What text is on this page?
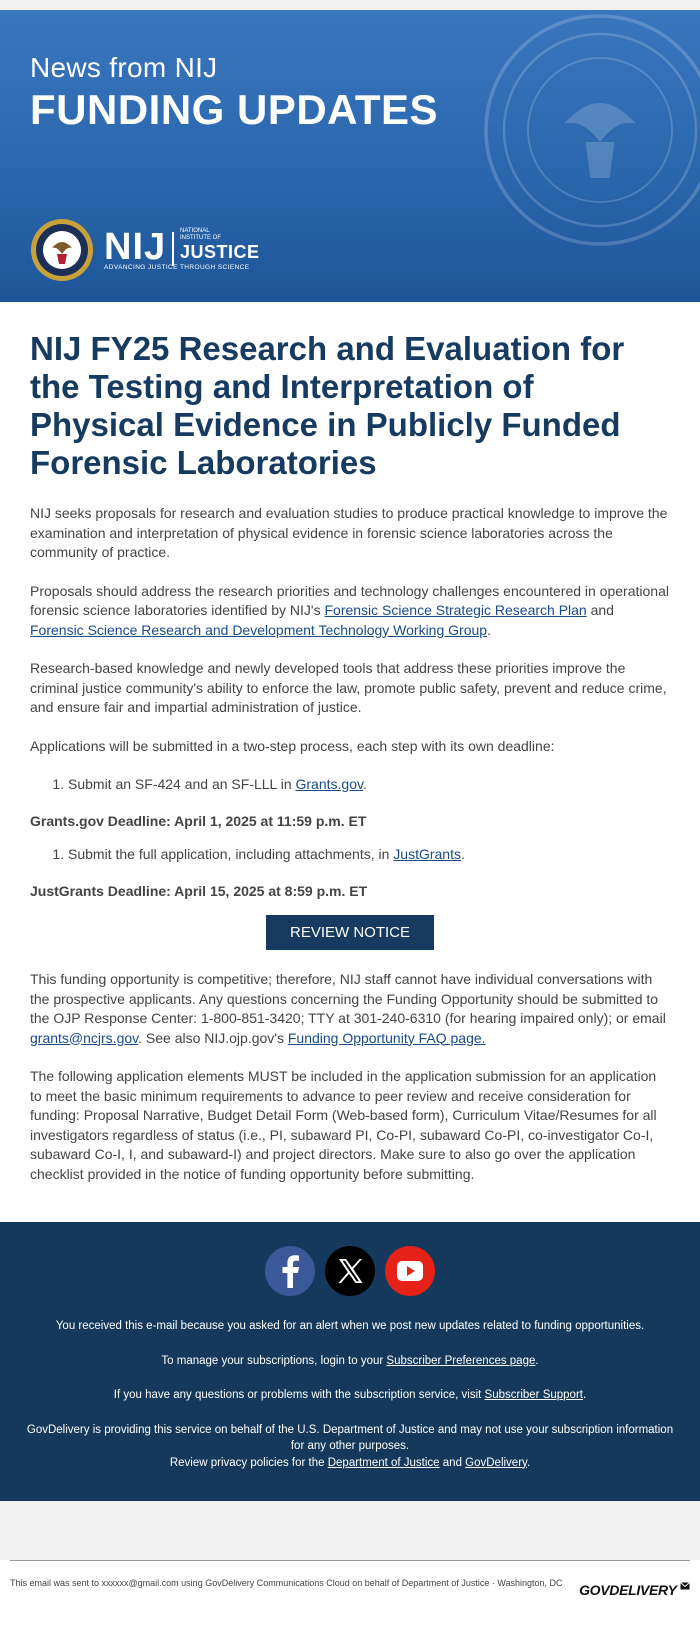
News from NIJ
FUNDING UPDATES
NIJ NATIONAL INSTITUTE OF
JUSTICE
ADVANCING JUSTICE THROUGH SCIENCE
NIJ FY25 Research and Evaluation for the Testing and Interpretation of Physical Evidence in Publicly Funded Forensic Laboratories

NIJ seeks proposals for research and evaluation studies to produce practical knowledge to improve the examination and interpretation of physical evidence in forensic science laboratories across the community of practice.

Proposals should address the research priorities and technology challenges encountered in operational forensic science laboratories identified by NIJ's Forensic Science Strategic Research Plan and Forensic Science Research and Development Technology Working Group.

Research-based knowledge and newly developed tools that address these priorities improve the criminal justice community's ability to enforce the law, promote public safety, prevent and reduce crime, and ensure fair and impartial administration of justice.

Applications will be submitted in a two-step process, each step with its own deadline:

1. Submit an SF-424 and an SF-LLL in Grants.gov.
Grants.gov Deadline: April 1, 2025 at 11:59 p.m. ET
1. Submit the full application, including attachments, in JustGrants.
JustGrants Deadline: April 15, 2025 at 8:59 p.m. ET
REVIEW NOTICE

This funding opportunity is competitive; therefore, NIJ staff cannot have individual conversations with the prospective applicants. Any questions concerning the Funding Opportunity should be submitted to the OJP Response Center: 1-800-851-3420; TTY at 301-240-6310 (for hearing impaired only); or email grants@ncjrs.gov. See also NIJ.ojp.gov's Funding Opportunity FAQ page.

The following application elements MUST be included in the application submission for an application to meet the basic minimum requirements to advance to peer review and receive consideration for funding: Proposal Narrative, Budget Detail Form (Web-based form), Curriculum Vitae/Resumes for all investigators regardless of status (i.e., PI, subaward PI, Co-PI, subaward Co-PI, co-investigator Co-I, subaward Co-I, I, and subaward-I) and project directors. Make sure to also go over the application checklist provided in the notice of funding opportunity before submitting.

You received this e-mail because you asked for an alert when we post new updates related to funding opportunities.

To manage your subscriptions, login to your Subscriber Preferences page.

If you have any questions or problems with the subscription service, visit Subscriber Support.

GovDelivery is providing this service on behalf of the U.S. Department of Justice and may not use your subscription information for any other purposes.
Review privacy policies for the Department of Justice and GovDelivery.

This email was sent to xxxxxx@gmail.com using GovDelivery Communications Cloud on behalf of Department of Justice · Washington, DC	GOVDELIVERY
